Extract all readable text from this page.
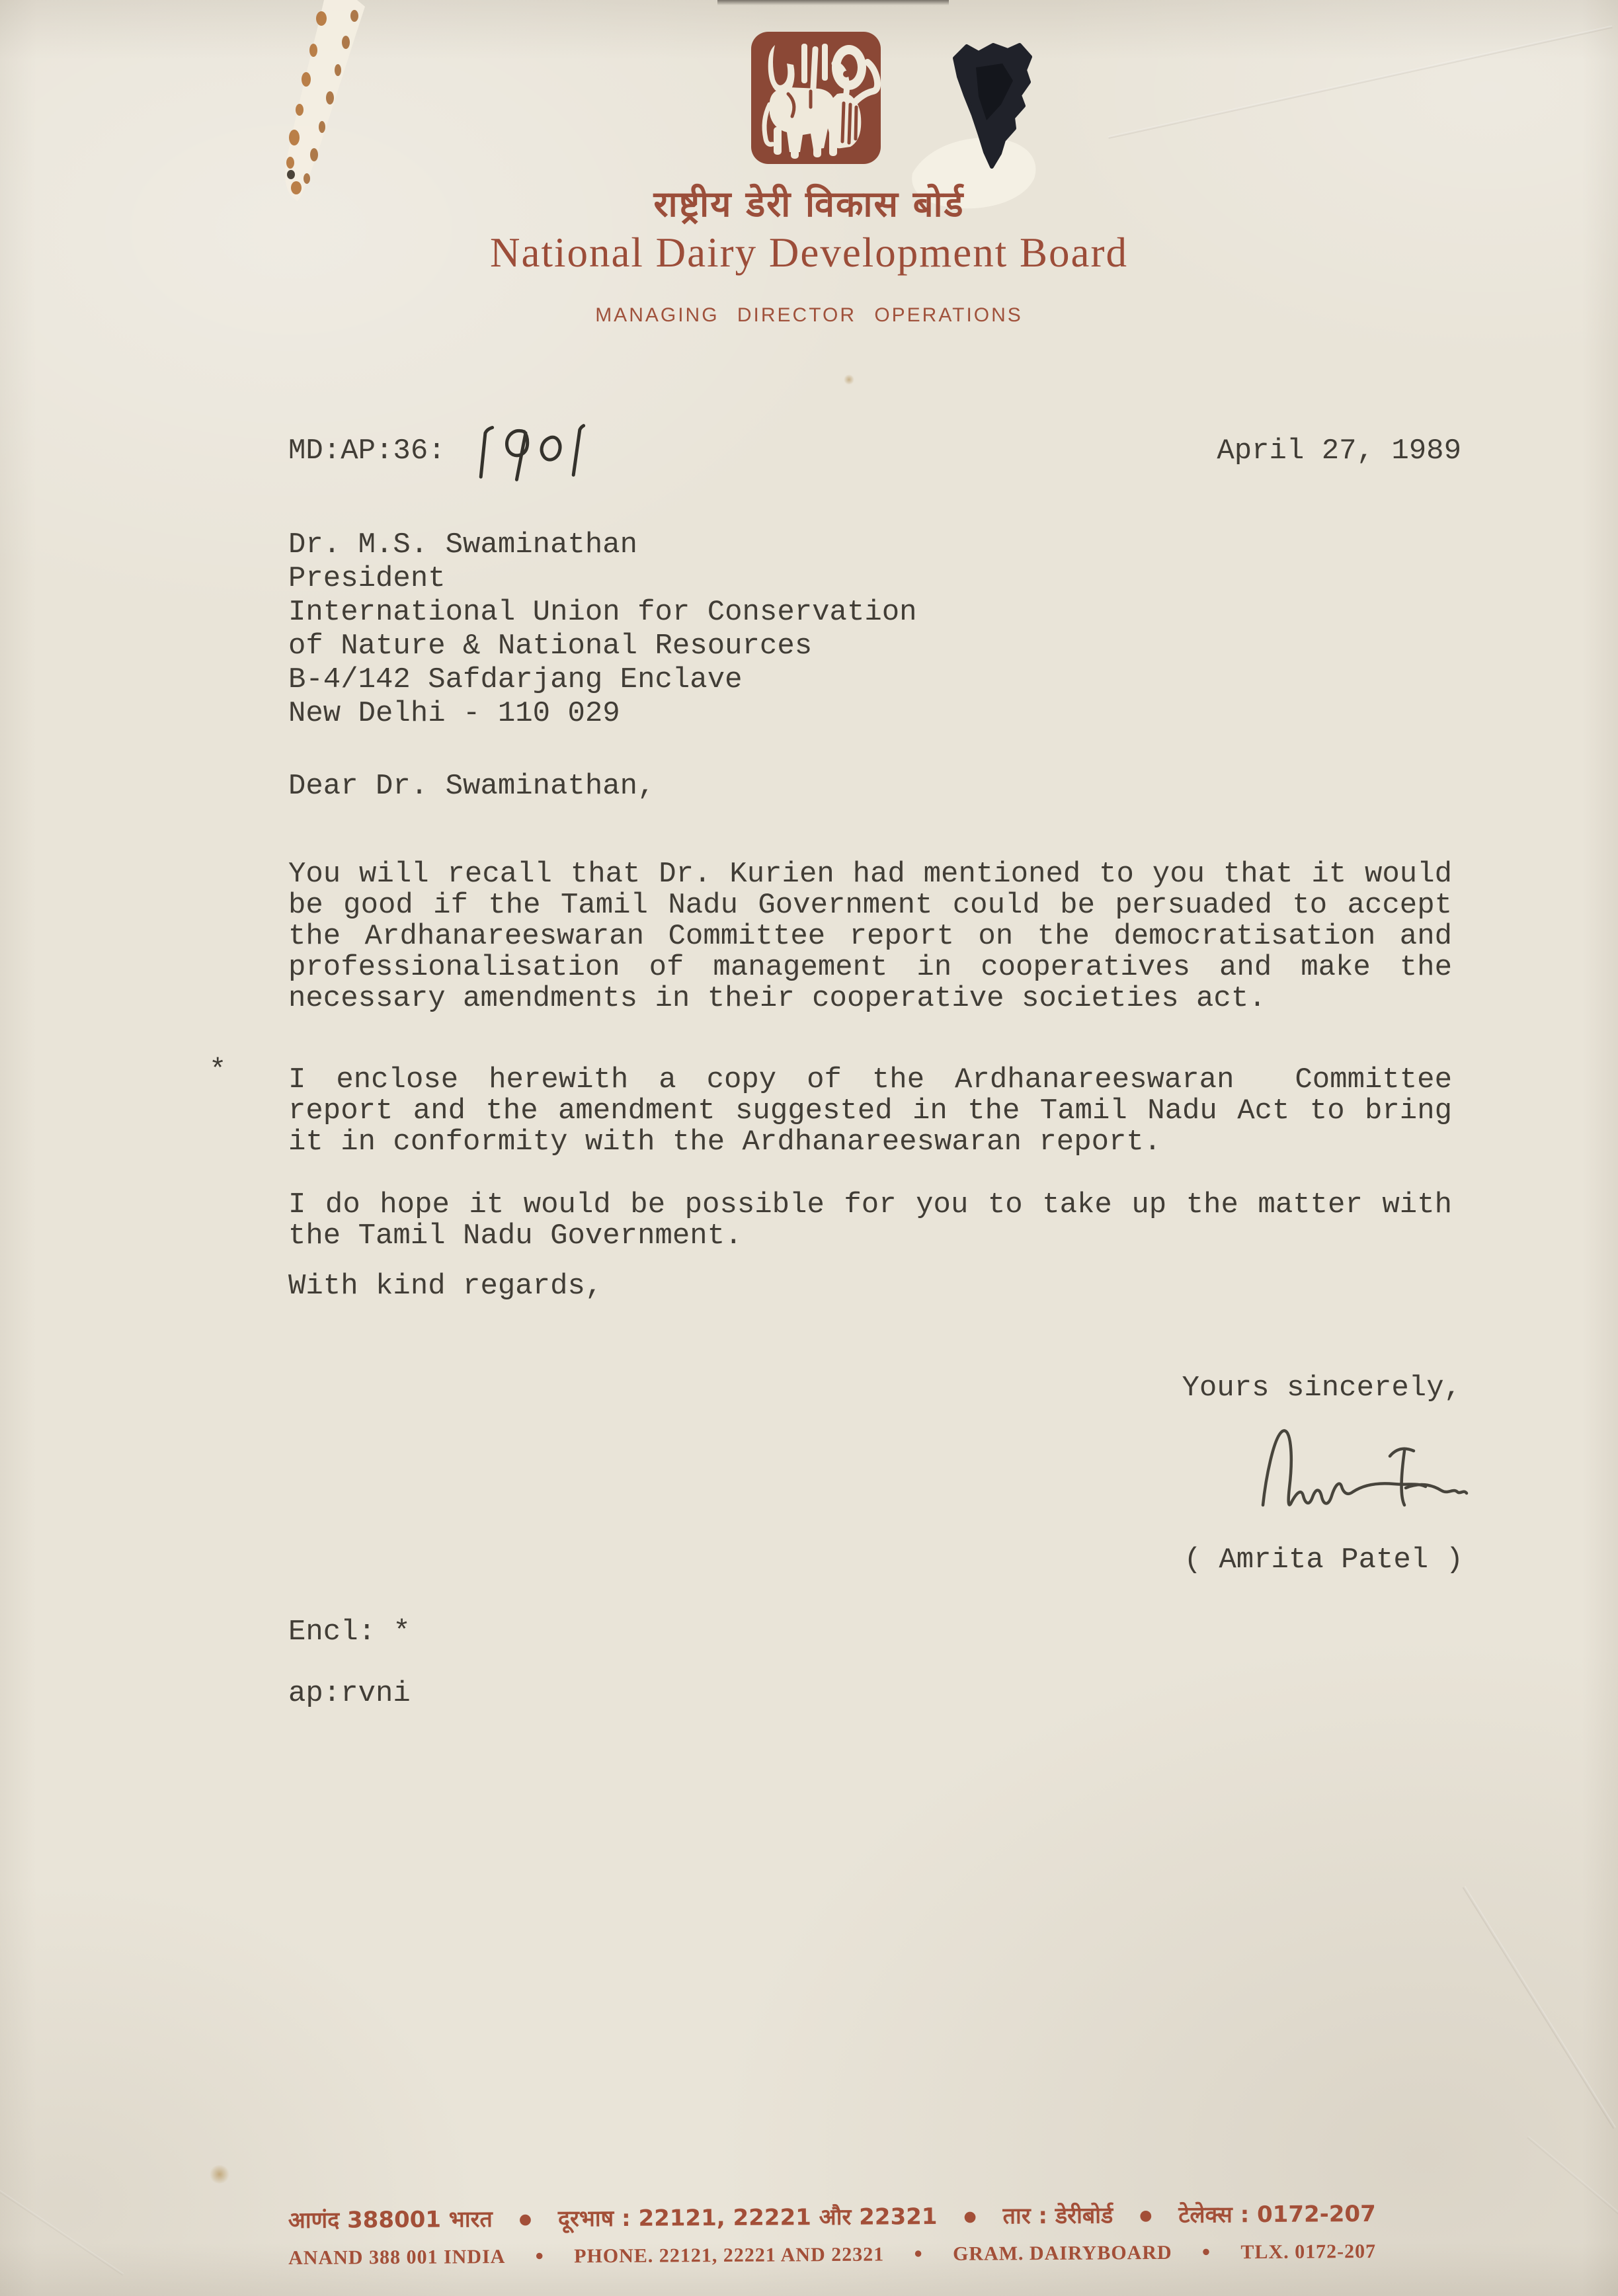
राष्ट्रीय डेरी विकास बोर्ड
National Dairy Development Board
MANAGING DIRECTOR OPERATIONS
MD:AP:36:	April 27, 1989
Dr. M.S. Swaminathan
President
International Union for Conservation
of Nature & National Resources
B-4/142 Safdarjang Enclave
New Delhi - 110 029
Dear Dr. Swaminathan,
*

You will recall that Dr. Kurien had mentioned to you that it would be good if the Tamil Nadu Government could be persuaded to accept the Ardhanareeswaran Committee report on the democratisation and professionalisation of management in cooperatives and make the necessary amendments in their cooperative societies act.

I enclose herewith a copy of the Ardhanareeswaran  Committee report and the amendment suggested in the Tamil Nadu Act to bring it in conformity with the Ardhanareeswaran report.

I do hope it would be possible for you to take up the matter with the Tamil Nadu Government.

With kind regards,
Yours sincerely,
( Amrita Patel )
Encl: *
ap:rvni
आणंद 388001 भारत ● दूरभाष : 22121, 22221 और 22321 ● तार : डेरीबोर्ड ● टेलेक्स : 0172-207
ANAND 388 001 INDIA ● PHONE. 22121, 22221 AND 22321 ● GRAM. DAIRYBOARD ● TLX. 0172-207
